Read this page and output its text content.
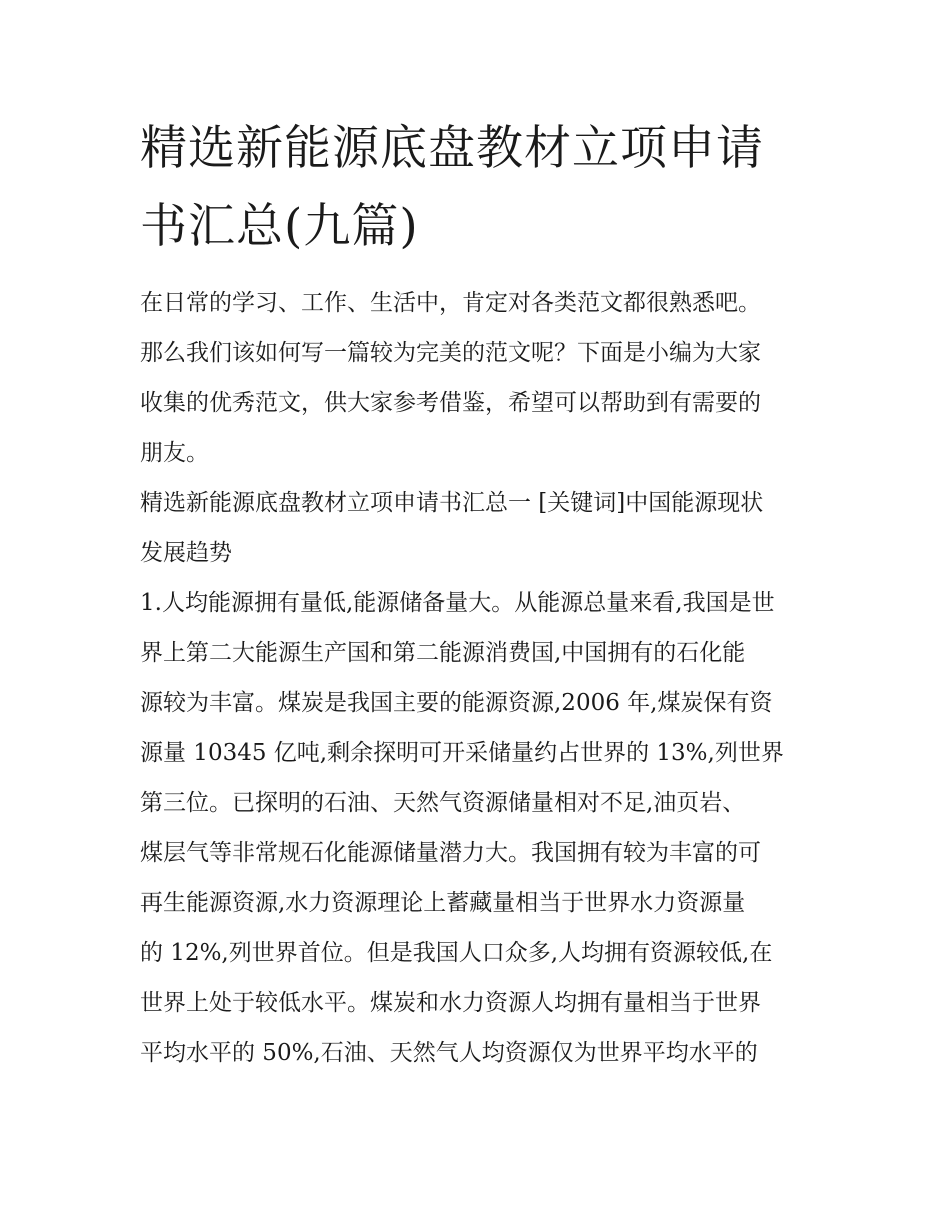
精选新能源底盘教材立项申请
书汇总(九篇)

在日常的学习、工作、生活中，肯定对各类范文都很熟悉吧。
那么我们该如何写一篇较为完美的范文呢？下面是小编为大家
收集的优秀范文，供大家参考借鉴，希望可以帮助到有需要的
朋友。

精选新能源底盘教材立项申请书汇总一 [关键词]中国能源现状
发展趋势

1.人均能源拥有量低,能源储备量大。从能源总量来看,我国是世
界上第二大能源生产国和第二能源消费国,中国拥有的石化能
源较为丰富。煤炭是我国主要的能源资源,2006 年,煤炭保有资
源量 10345 亿吨,剩余探明可开采储量约占世界的 13%,列世界
第三位。已探明的石油、天然气资源储量相对不足,油页岩、
煤层气等非常规石化能源储量潜力大。我国拥有较为丰富的可
再生能源资源,水力资源理论上蓄藏量相当于世界水力资源量
的 12%,列世界首位。但是我国人口众多,人均拥有资源较低,在
世界上处于较低水平。煤炭和水力资源人均拥有量相当于世界
平均水平的 50%,石油、天然气人均资源仅为世界平均水平的
